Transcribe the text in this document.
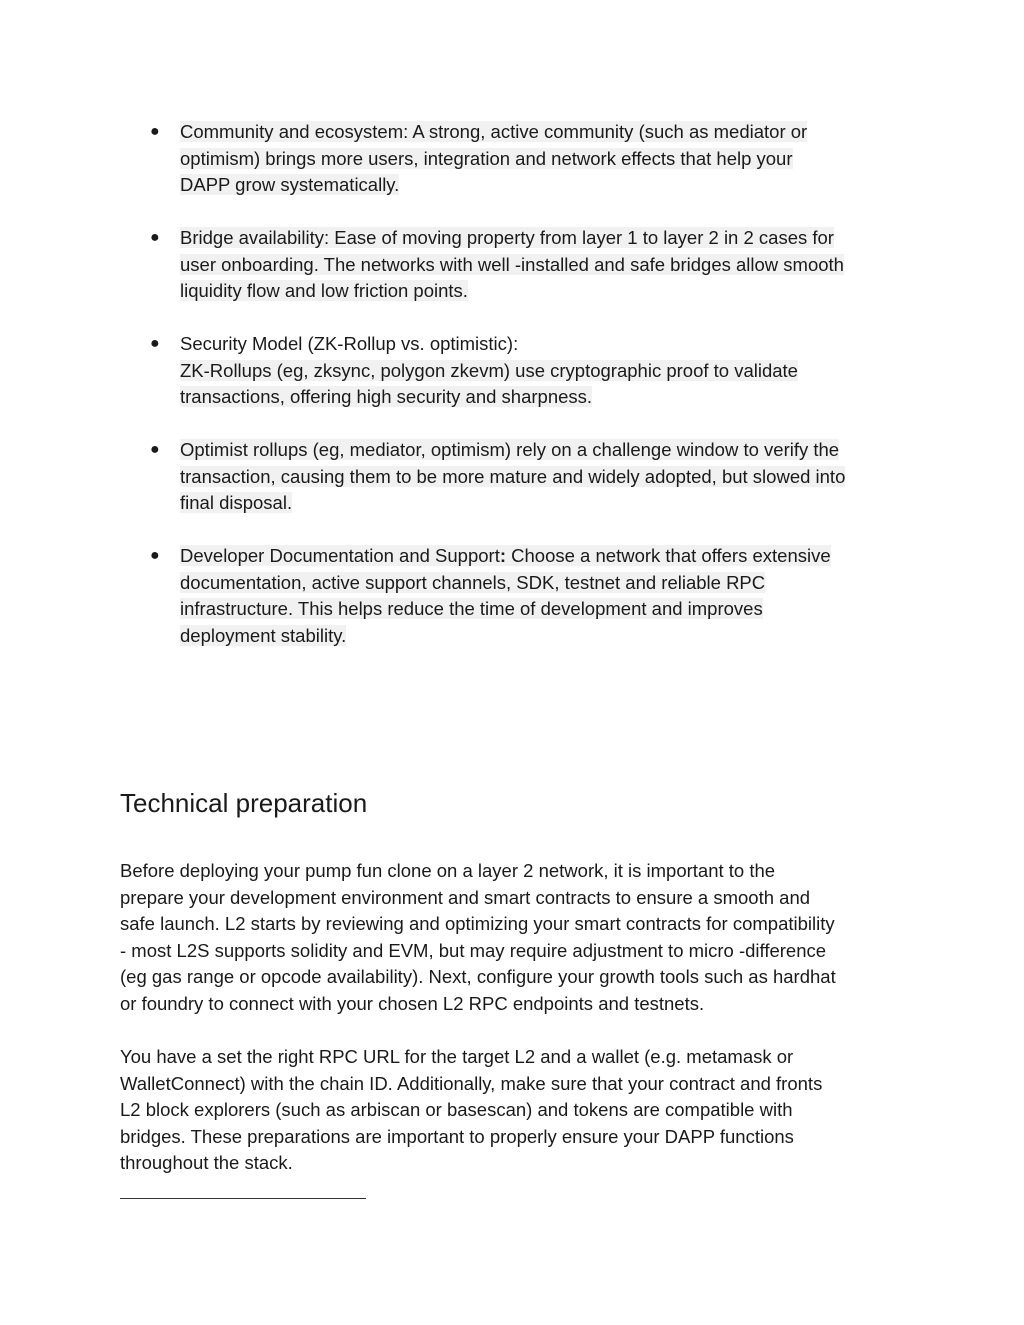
● Community and ecosystem: A strong, active community (such as mediator or
optimism) brings more users, integration and network effects that help your
DAPP grow systematically.
● Bridge availability: Ease of moving property from layer 1 to layer 2 in 2 cases for
user onboarding. The networks with well -installed and safe bridges allow smooth
liquidity flow and low friction points.
● Security Model (ZK-Rollup vs. optimistic):
ZK-Rollups (eg, zksync, polygon zkevm) use cryptographic proof to validate
transactions, offering high security and sharpness.
● Optimist rollups (eg, mediator, optimism) rely on a challenge window to verify the
transaction, causing them to be more mature and widely adopted, but slowed into
final disposal.
● Developer Documentation and Support: Choose a network that offers extensive
documentation, active support channels, SDK, testnet and reliable RPC
infrastructure. This helps reduce the time of development and improves
deployment stability.
Technical preparation

Before deploying your pump fun clone on a layer 2 network, it is important to the
prepare your development environment and smart contracts to ensure a smooth and
safe launch. L2 starts by reviewing and optimizing your smart contracts for compatibility
- most L2S supports solidity and EVM, but may require adjustment to micro -difference
(eg gas range or opcode availability). Next, configure your growth tools such as hardhat
or foundry to connect with your chosen L2 RPC endpoints and testnets.

You have a set the right RPC URL for the target L2 and a wallet (e.g. metamask or
WalletConnect) with the chain ID. Additionally, make sure that your contract and fronts
L2 block explorers (such as arbiscan or basescan) and tokens are compatible with
bridges. These preparations are important to properly ensure your DAPP functions
throughout the stack.
